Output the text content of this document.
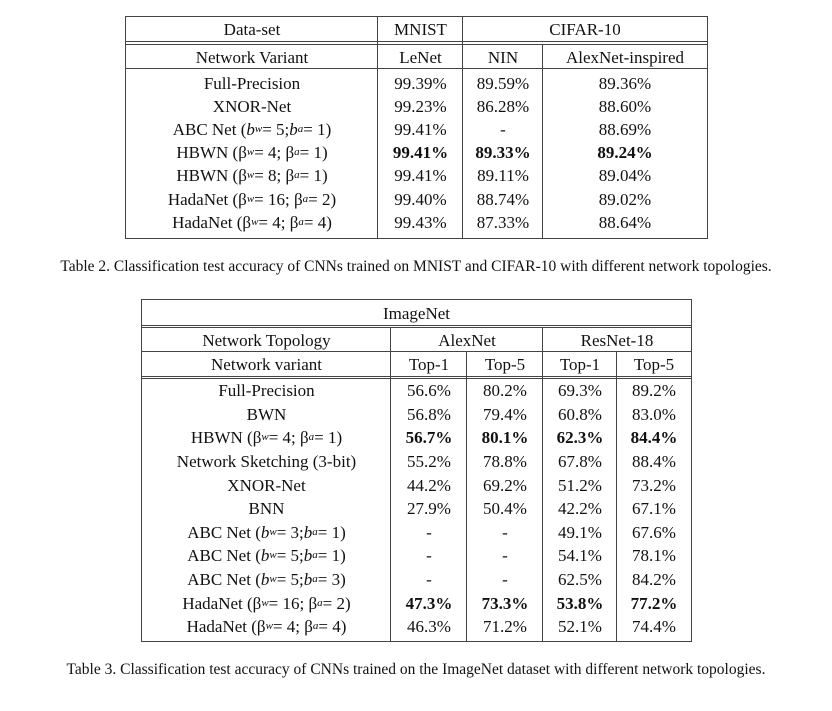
Data-set	MNIST	CIFAR-10
Network Variant	LeNet	NIN	AlexNet-inspired
Full-Precision	99.39%	89.59%	89.36%
XNOR-Net	99.23%	86.28%	88.60%
ABC Net ( b w = 5; b a = 1)	99.41%	-	88.69%
HBWN (β w = 4; β a = 1)	99.41%	89.33%	89.24%
HBWN (β w = 8; β a = 1)	99.41%	89.11%	89.04%
HadaNet (β w = 16; β a = 2)	99.40%	88.74%	89.02%
HadaNet (β w = 4; β a = 4)	99.43%	87.33%	88.64%
Table 2. Classification test accuracy of CNNs trained on MNIST and CIFAR-10 with different network topologies.
ImageNet
Network Topology	AlexNet	ResNet-18
Network variant	Top-1	Top-5	Top-1	Top-5
Full-Precision	56.6%	80.2%	69.3%	89.2%
BWN	56.8%	79.4%	60.8%	83.0%
HBWN (β w = 4; β a = 1)	56.7%	80.1%	62.3%	84.4%
Network Sketching (3-bit)	55.2%	78.8%	67.8%	88.4%
XNOR-Net	44.2%	69.2%	51.2%	73.2%
BNN	27.9%	50.4%	42.2%	67.1%
ABC Net ( b w = 3; b a = 1)	-	-	49.1%	67.6%
ABC Net ( b w = 5; b a = 1)	-	-	54.1%	78.1%
ABC Net ( b w = 5; b a = 3)	-	-	62.5%	84.2%
HadaNet (β w = 16; β a = 2)	47.3%	73.3%	53.8%	77.2%
HadaNet (β w = 4; β a = 4)	46.3%	71.2%	52.1%	74.4%
Table 3. Classification test accuracy of CNNs trained on the ImageNet dataset with different network topologies.
